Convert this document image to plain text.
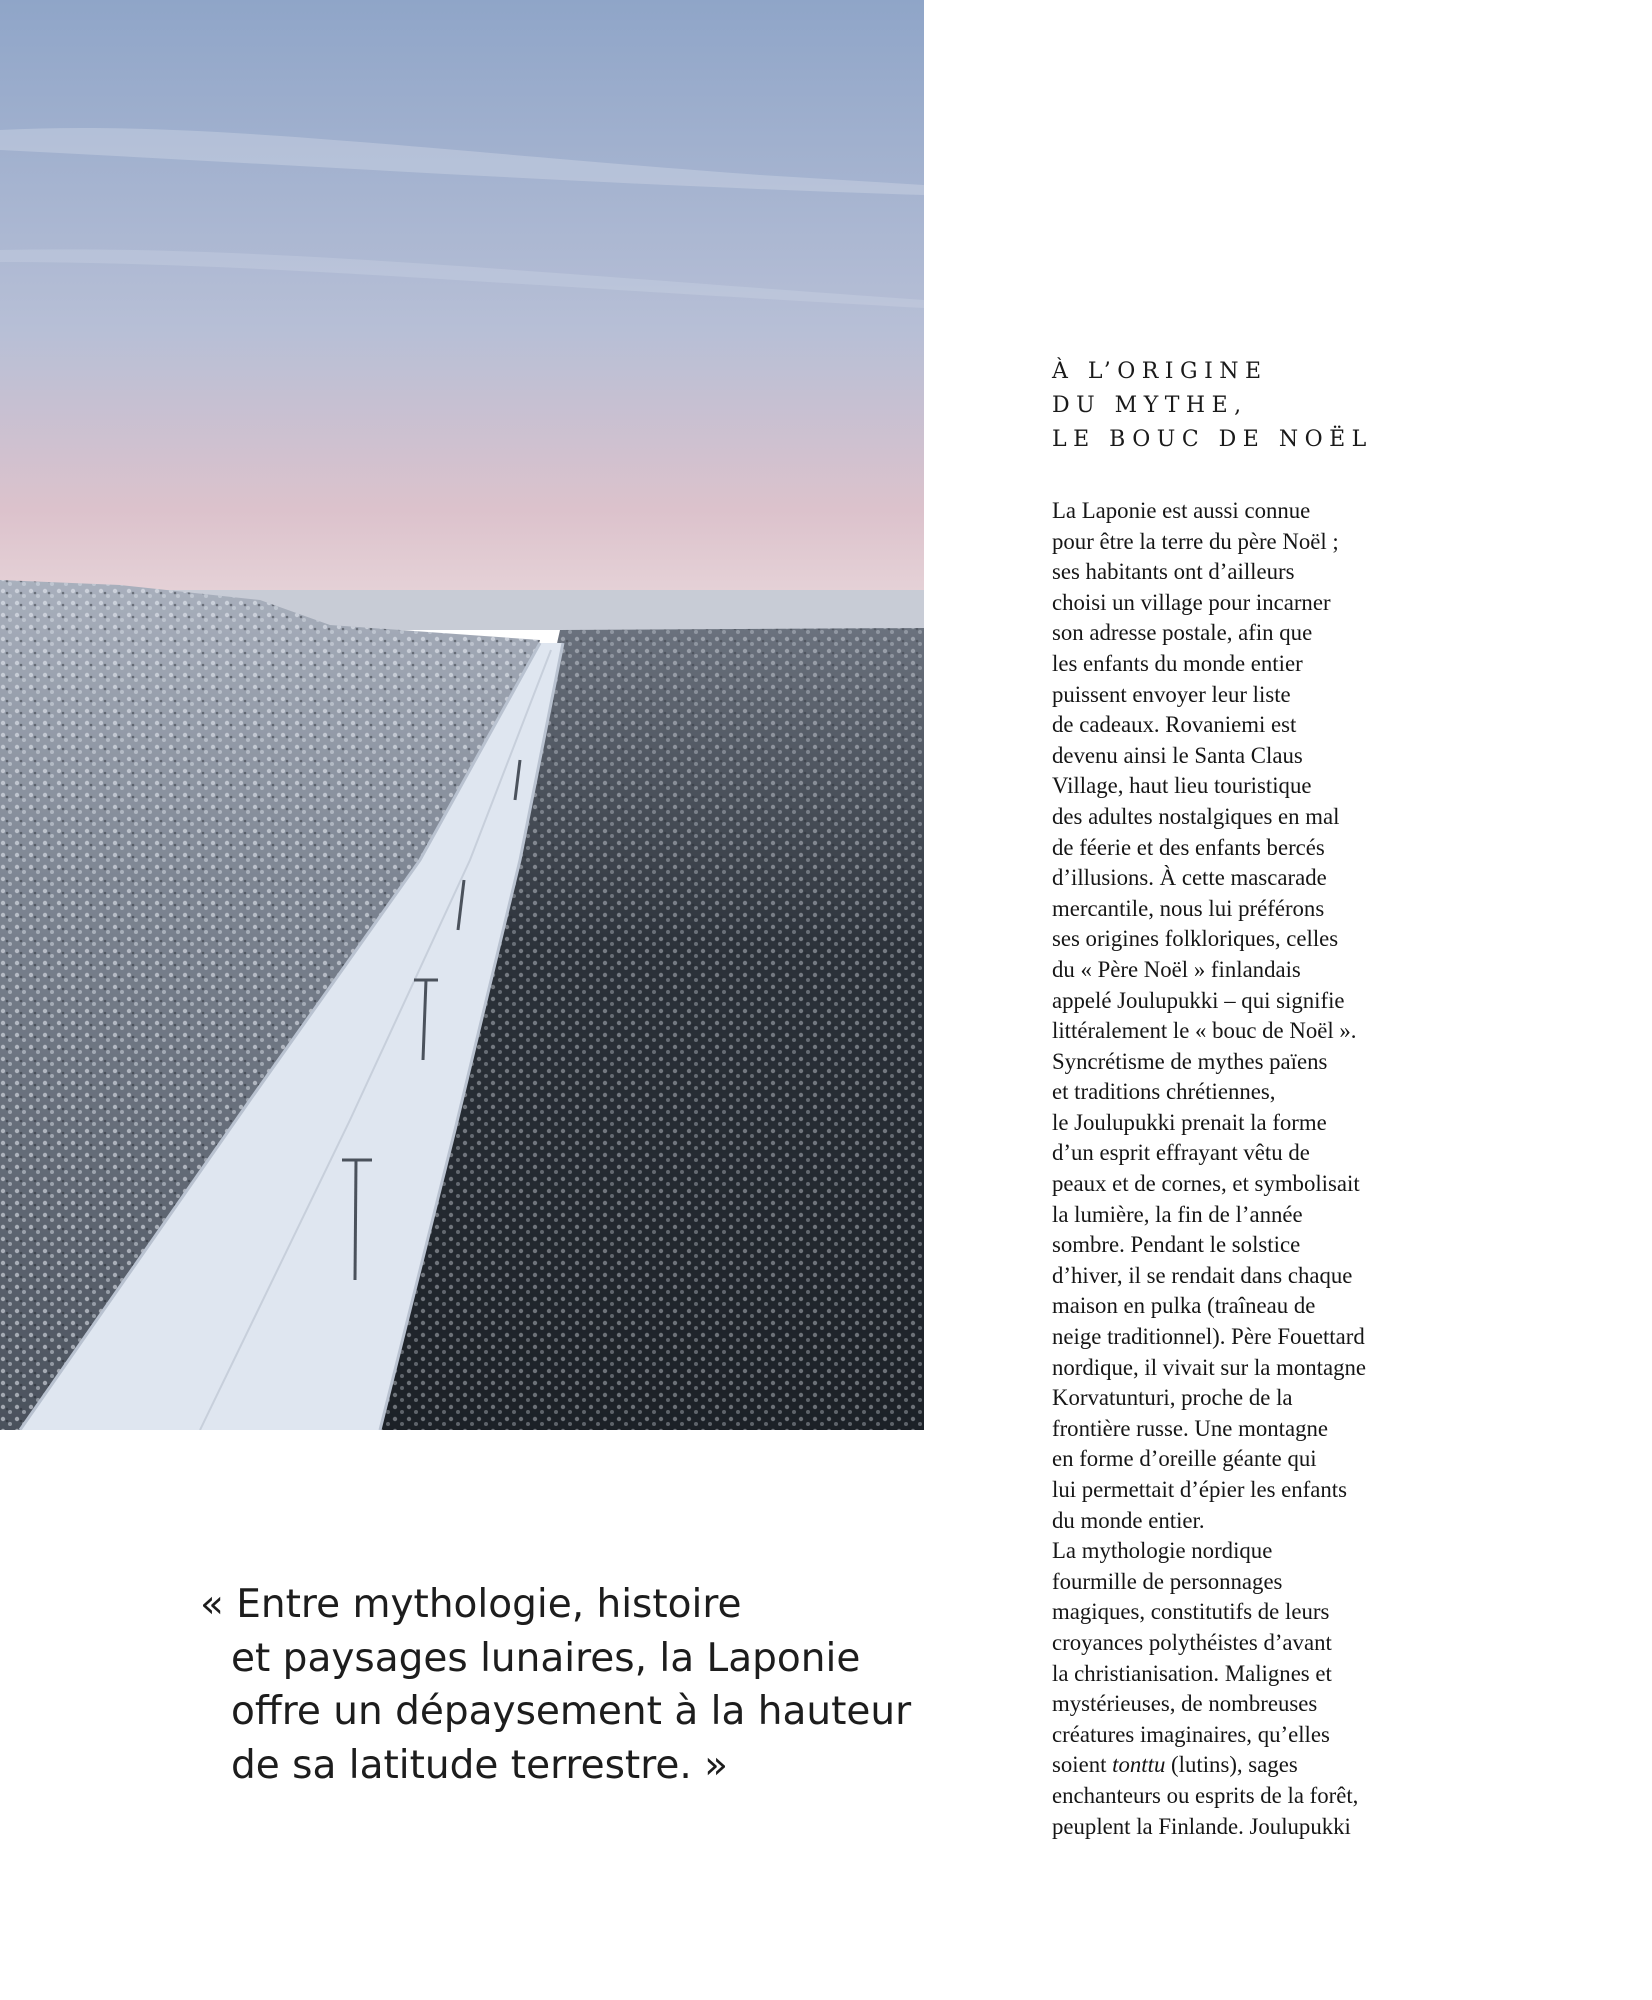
« Entre mythologie, histoire
et paysages lunaires, la Laponie
offre un dépaysement à la hauteur
de sa latitude terrestre. »
À L’ORIGINE
DU MYTHE,
LE BOUC DE NOËL
La Laponie est aussi connue
pour être la terre du père Noël ;
ses habitants ont d’ailleurs
choisi un village pour incarner
son adresse postale, afin que
les enfants du monde entier
puissent envoyer leur liste
de cadeaux. Rovaniemi est
devenu ainsi le Santa Claus
Village, haut lieu touristique
des adultes nostalgiques en mal
de féerie et des enfants bercés
d’illusions. À cette mascarade
mercantile, nous lui préférons
ses origines folkloriques, celles
du « Père Noël » finlandais
appelé Joulupukki – qui signifie
littéralement le « bouc de Noël ».
Syncrétisme de mythes païens
et traditions chrétiennes,
le Joulupukki prenait la forme
d’un esprit effrayant vêtu de
peaux et de cornes, et symbolisait
la lumière, la fin de l’année
sombre. Pendant le solstice
d’hiver, il se rendait dans chaque
maison en pulka (traîneau de
neige traditionnel). Père Fouettard
nordique, il vivait sur la montagne
Korvatunturi, proche de la
frontière russe. Une montagne
en forme d’oreille géante qui
lui permettait d’épier les enfants
du monde entier.
La mythologie nordique
fourmille de personnages
magiques, constitutifs de leurs
croyances polythéistes d’avant
la christianisation. Malignes et
mystérieuses, de nombreuses
créatures imaginaires, qu’elles
soient tonttu (lutins), sages
enchanteurs ou esprits de la forêt,
peuplent la Finlande. Joulupukki
